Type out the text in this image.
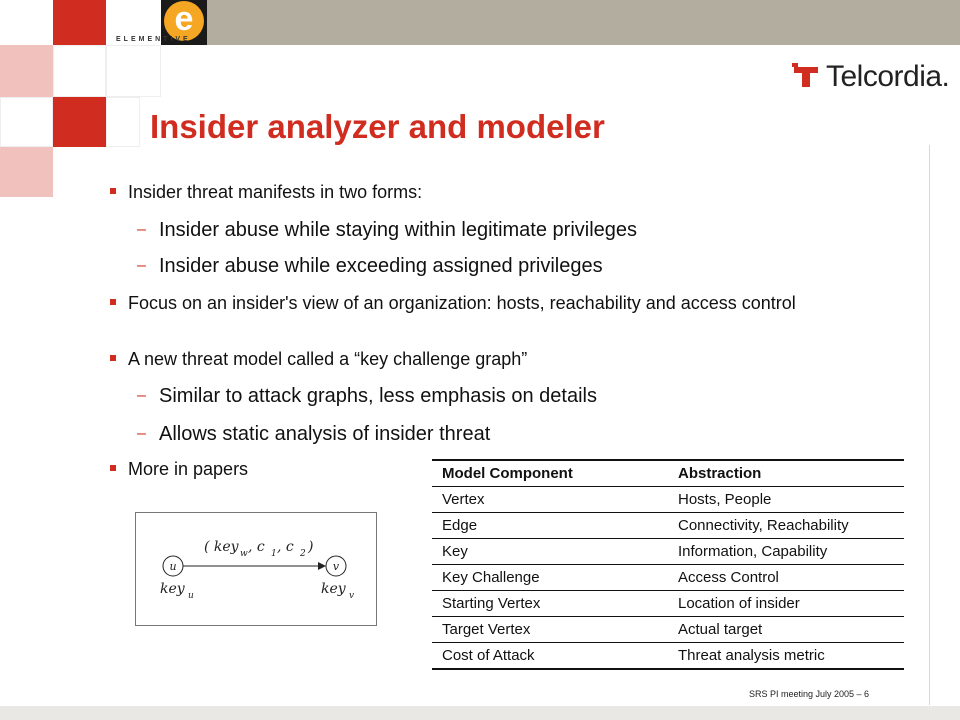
e
ELEMENTIVE
Telcordia.
Insider analyzer and modeler
Insider threat manifests in two forms:
– Insider abuse while staying within legitimate privileges
– Insider abuse while exceeding assigned privileges
Focus on an insider's view of an organization: hosts, reachability and access control
A new threat model called a “key challenge graph”
– Similar to attack graphs, less emphasis on details
– Allows static analysis of insider threat
More in papers
u	v
( key w , c 1 , c 2 )
key u	key v
Model Component	Abstraction
Vertex	Hosts, People
Edge	Connectivity, Reachability
Key	Information, Capability
Key Challenge	Access Control
Starting Vertex	Location of insider
Target Vertex	Actual target
Cost of Attack	Threat analysis metric
SRS PI meeting July 2005 – 6
